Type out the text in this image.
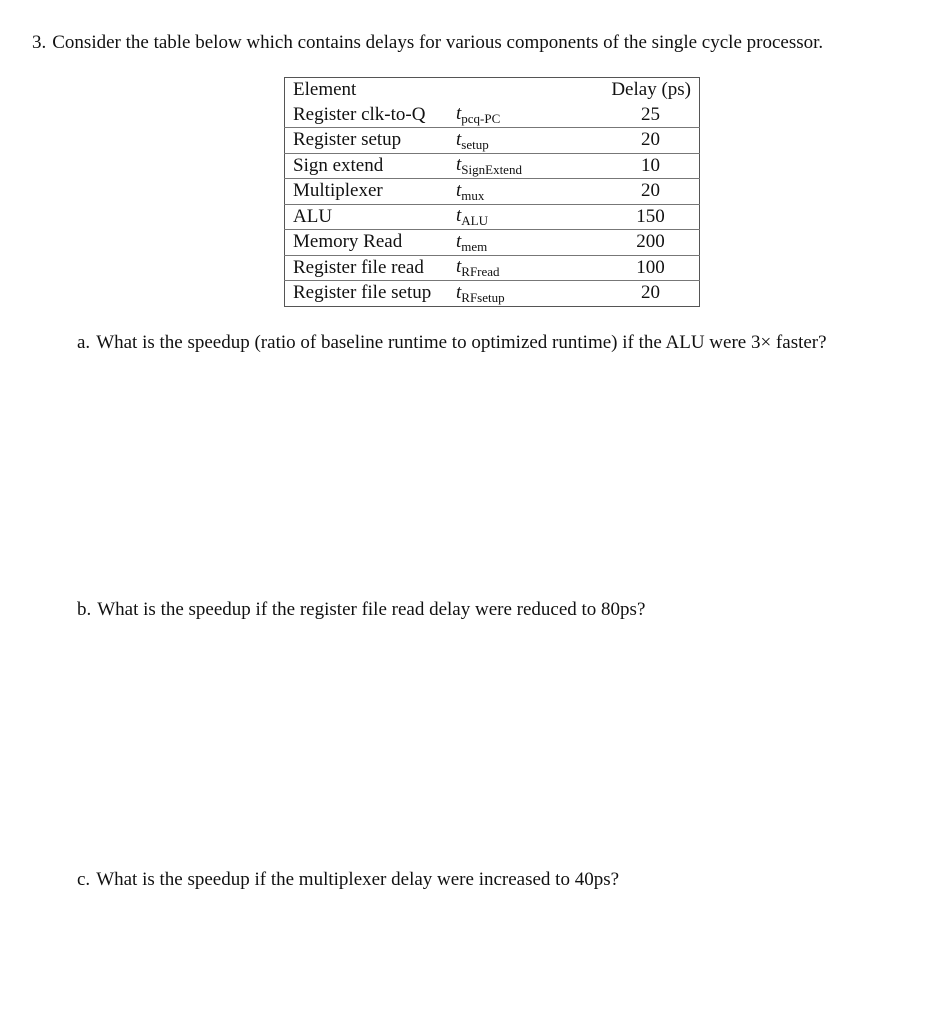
3. Consider the table below which contains delays for various components of the single cycle processor.
Element		Delay (ps)
Register clk-to-Q	$t_{pcq-PC}$	25
Register setup	$t_{setup}$	20
Sign extend	$t_{SignExtend}$	10
Multiplexer	$t_{mux}$	20
ALU	$t_{ALU}$	150
Memory Read	$t_{mem}$	200
Register file read	$t_{RFread}$	100
Register file setup	$t_{RFsetup}$	20
a. What is the speedup (ratio of baseline runtime to optimized runtime) if the ALU were 3× faster?
b. What is the speedup if the register file read delay were reduced to 80ps?
c. What is the speedup if the multiplexer delay were increased to 40ps?
